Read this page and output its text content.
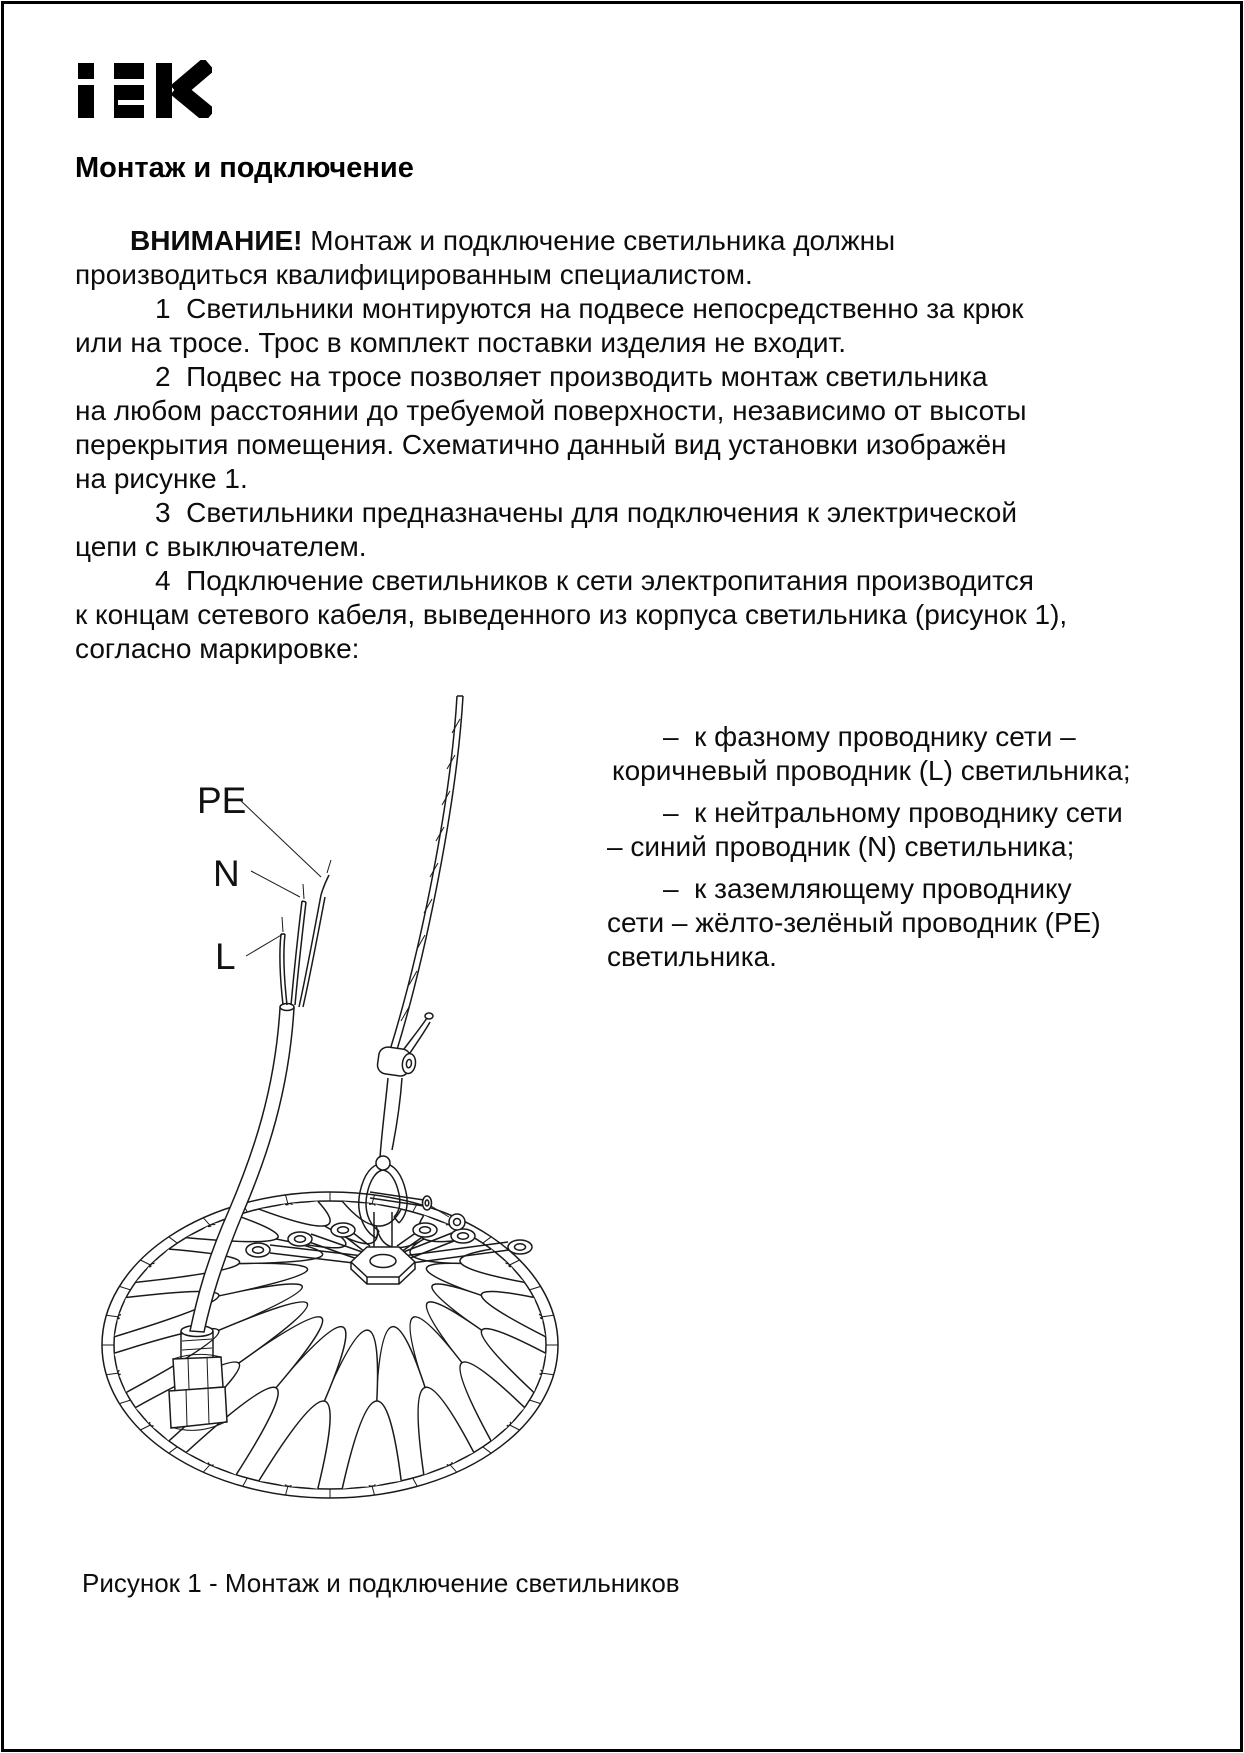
Монтаж и подключение
ВНИМАНИЕ! Монтаж и подключение светильника должны
производиться квалифицированным специалистом.
1  Светильники монтируются на подвесе непосредственно за крюк
или на тросе. Трос в комплект поставки изделия не входит.
2  Подвес на тросе позволяет производить монтаж светильника
на любом расстоянии до требуемой поверхности, независимо от высоты
перекрытия помещения. Схематично данный вид установки изображён
на рисунке 1.
3  Светильники предназначены для подключения к электрической
цепи с выключателем.
4  Подключение светильников к сети электропитания производится
к концам сетевого кабеля, выведенного из корпуса светильника (рисунок 1),
согласно маркировке:
–  к фазному проводнику сети –
коричневый проводник (L) светильника;
–  к нейтральному проводнику сети
– синий проводник (N) светильника;
–  к заземляющему проводнику
сети – жёлто-зелёный проводник (PE)
светильника.
PE
N
L
Рисунок 1 - Монтаж и подключение светильников
